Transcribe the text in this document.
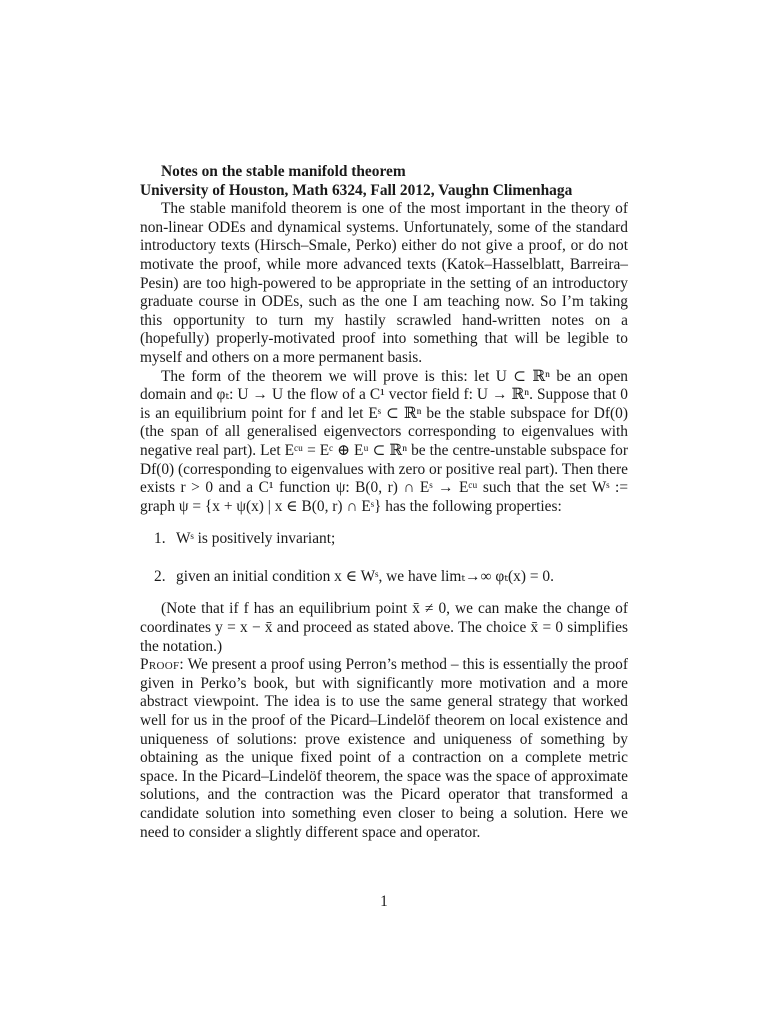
Notes on the stable manifold theorem
University of Houston, Math 6324, Fall 2012, Vaughn Climenhaga

The stable manifold theorem is one of the most important in the theory of non-linear ODEs and dynamical systems. Unfortunately, some of the standard introductory texts (Hirsch–Smale, Perko) either do not give a proof, or do not motivate the proof, while more advanced texts (Katok–Hasselblatt, Barreira–Pesin) are too high-powered to be appropriate in the setting of an introductory graduate course in ODEs, such as the one I am teaching now. So I’m taking this opportunity to turn my hastily scrawled hand-written notes on a (hopefully) properly-motivated proof into something that will be legible to myself and others on a more permanent basis.

The form of the theorem we will prove is this: let U ⊂ ℝⁿ be an open domain and φₜ: U → U the flow of a C¹ vector field f: U → ℝⁿ. Suppose that 0 is an equilibrium point for f and let Eˢ ⊂ ℝⁿ be the stable subspace for Df(0) (the span of all generalised eigenvectors corresponding to eigenvalues with negative real part). Let Eᶜᵘ = Eᶜ ⊕ Eᵘ ⊂ ℝⁿ be the centre-unstable subspace for Df(0) (corresponding to eigenvalues with zero or positive real part). Then there exists r > 0 and a C¹ function ψ: B(0, r) ∩ Eˢ → Eᶜᵘ such that the set Wˢ := graph ψ = {x + ψ(x) | x ∈ B(0, r) ∩ Eˢ} has the following properties:

1. Wˢ is positively invariant;
2. given an initial condition x ∈ Wˢ, we have limₜ→∞ φₜ(x) = 0.

(Note that if f has an equilibrium point x̄ ≠ 0, we can make the change of coordinates y = x − x̄ and proceed as stated above. The choice x̄ = 0 simplifies the notation.)

Proof: We present a proof using Perron’s method – this is essentially the proof given in Perko’s book, but with significantly more motivation and a more abstract viewpoint. The idea is to use the same general strategy that worked well for us in the proof of the Picard–Lindelöf theorem on local existence and uniqueness of solutions: prove existence and uniqueness of something by obtaining as the unique fixed point of a contraction on a complete metric space. In the Picard–Lindelöf theorem, the space was the space of approximate solutions, and the contraction was the Picard operator that transformed a candidate solution into something even closer to being a solution. Here we need to consider a slightly different space and operator.

1
